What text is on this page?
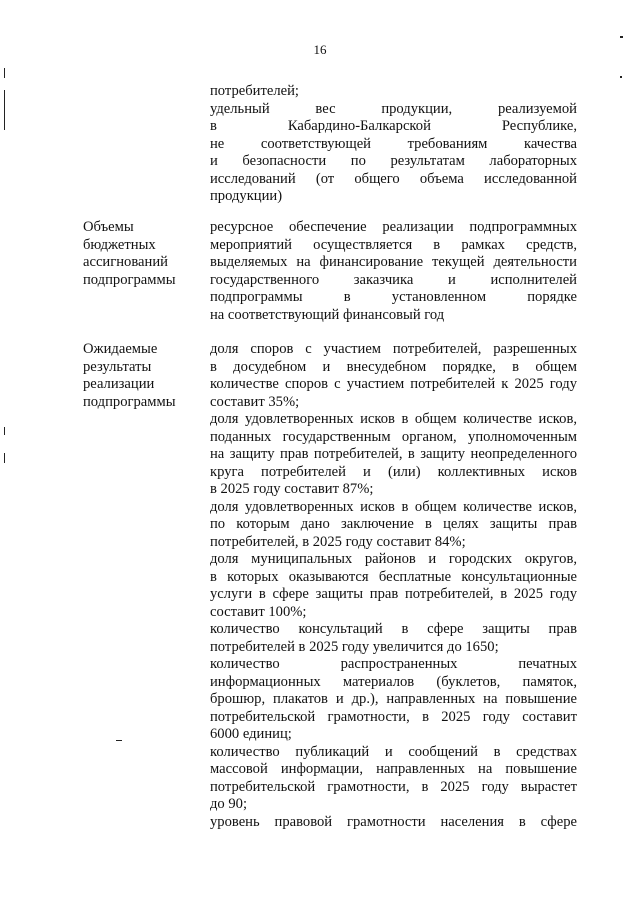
16
потребителей;
удельный вес продукции, реализуемой
в Кабардино-Балкарской Республике,
не соответствующей требованиям качества
и безопасности по результатам лабораторных
исследований (от общего объема исследованной
продукции)
Объемы
бюджетных
ассигнований
подпрограммы
ресурсное обеспечение реализации подпрограммных
мероприятий осуществляется в рамках средств,
выделяемых на финансирование текущей деятельности
государственного заказчика и исполнителей
подпрограммы в установленном порядке
на соответствующий финансовый год
Ожидаемые
результаты
реализации
подпрограммы
доля споров с участием потребителей, разрешенных
в досудебном и внесудебном порядке, в общем
количестве споров с участием потребителей к 2025 году
составит 35%;
доля удовлетворенных исков в общем количестве исков,
поданных государственным органом, уполномоченным
на защиту прав потребителей, в защиту неопределенного
круга потребителей и (или) коллективных исков
в 2025 году составит 87%;
доля удовлетворенных исков в общем количестве исков,
по которым дано заключение в целях защиты прав
потребителей, в 2025 году составит 84%;
доля муниципальных районов и городских округов,
в которых оказываются бесплатные консультационные
услуги в сфере защиты прав потребителей, в 2025 году
составит 100%;
количество консультаций в сфере защиты прав
потребителей в 2025 году увеличится до 1650;
количество распространенных печатных
информационных материалов (буклетов, памяток,
брошюр, плакатов и др.), направленных на повышение
потребительской грамотности, в 2025 году составит
6000 единиц;
количество публикаций и сообщений в средствах
массовой информации, направленных на повышение
потребительской грамотности, в 2025 году вырастет
до 90;
уровень правовой грамотности населения в сфере
